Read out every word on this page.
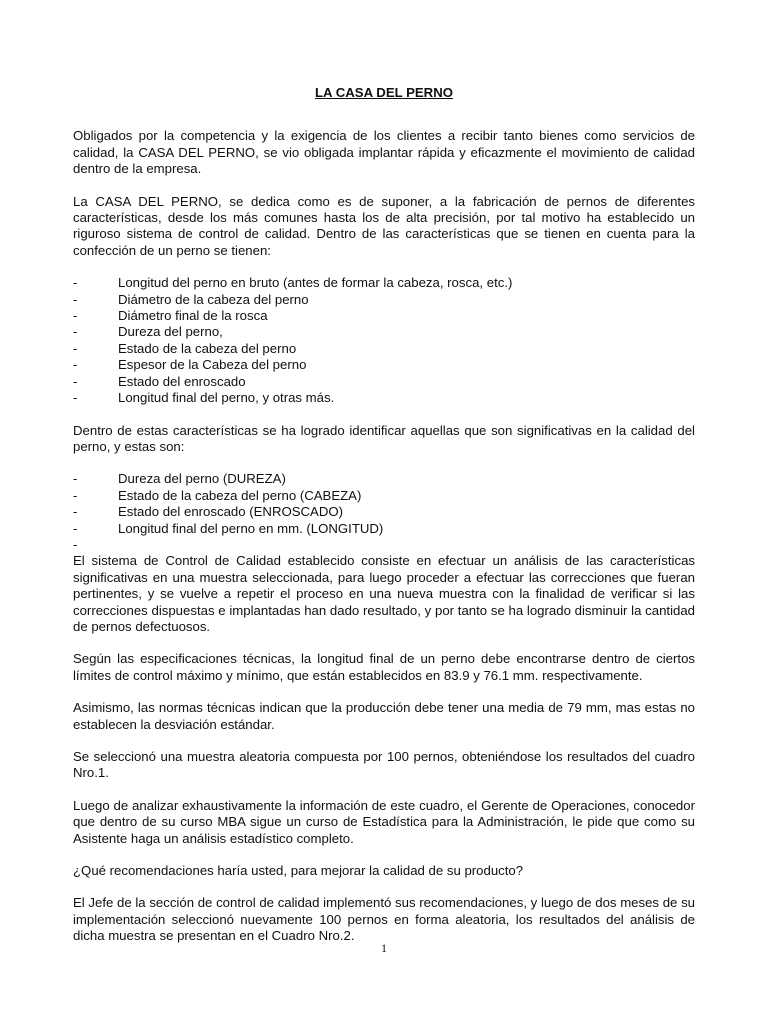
LA CASA DEL PERNO

Obligados por la competencia y la exigencia de los clientes a recibir tanto bienes como servicios de calidad, la CASA DEL PERNO, se vio obligada implantar rápida y eficazmente el movimiento de calidad dentro de la empresa.

La CASA DEL PERNO, se dedica como es de suponer, a la fabricación de pernos de diferentes características, desde los más comunes hasta los de alta precisión, por tal motivo ha establecido un riguroso sistema de control de calidad. Dentro de las características que se tienen en cuenta para la confección de un perno se tienen:

-	Longitud del perno en bruto (antes de formar la cabeza, rosca, etc.)
-	Diámetro de la cabeza del perno
-	Diámetro final de la rosca
-	Dureza del perno,
-	Estado de la cabeza del perno
-	Espesor de la Cabeza del perno
-	Estado del enroscado
-	Longitud final del perno, y otras más.

Dentro de estas características se ha logrado identificar aquellas que son significativas en la calidad del perno, y estas son:

-	Dureza del perno (DUREZA)
-	Estado de la cabeza del perno (CABEZA)
-	Estado del enroscado (ENROSCADO)
-	Longitud final del perno en mm. (LONGITUD)
-

El sistema de Control de Calidad establecido consiste en efectuar un análisis de las características significativas en una muestra seleccionada, para luego proceder a efectuar las correcciones que fueran pertinentes, y se vuelve a repetir el proceso en una nueva muestra con la finalidad de verificar si las correcciones dispuestas e implantadas han dado resultado, y por tanto se ha logrado disminuir la cantidad de pernos defectuosos.

Según las especificaciones técnicas, la longitud final de un perno debe encontrarse dentro de ciertos límites de control máximo y mínimo, que están establecidos en 83.9 y 76.1 mm. respectivamente.

Asimismo, las normas técnicas indican que la producción debe tener una media de 79 mm, mas estas no establecen la desviación estándar.

Se seleccionó una muestra aleatoria compuesta por 100 pernos, obteniéndose los resultados del cuadro Nro.1.

Luego de analizar exhaustivamente la información de este cuadro, el Gerente de Operaciones, conocedor que dentro de su curso MBA sigue un curso de Estadística para la Administración, le pide que como su Asistente haga un análisis estadístico completo.

¿Qué recomendaciones haría usted, para mejorar la calidad de su producto?

El Jefe de la sección de control de calidad implementó sus recomendaciones, y luego de dos meses de su implementación seleccionó nuevamente 100 pernos en forma aleatoria, los resultados del análisis de dicha muestra se presentan en el Cuadro Nro.2.

1
